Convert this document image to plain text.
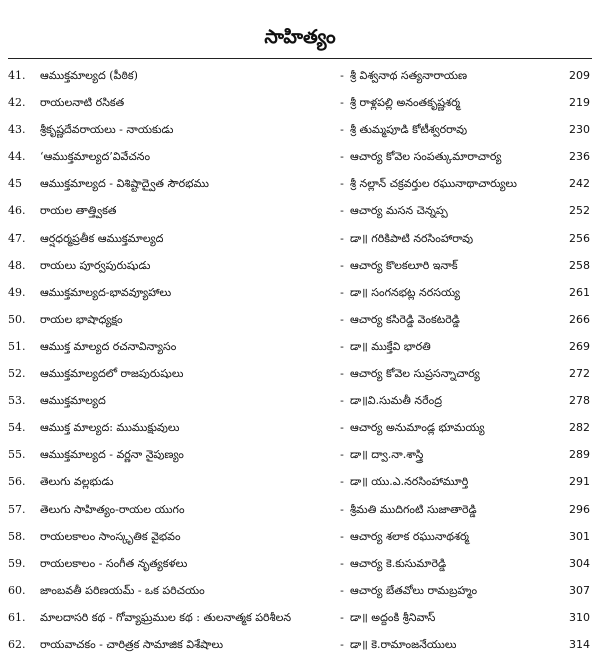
సాహిత్యం
41.	ఆముక్తమాల్యద (పీఠిక)	- శ్రీ విశ్వనాథ సత్యనారాయణ	209
42.	రాయలనాటి రసికత	- శ్రీ రాళ్లపల్లి అనంతకృష్ణశర్మ	219
43.	శ్రీకృష్ణదేవరాయలు - నాయకుడు	- శ్రీ తుమ్మపూడి కోటీశ్వరరావు	230
44.	‘ఆముక్తమాల్యద’వివేచనం	- ఆచార్య కోవెల సంపత్కుమారాచార్య	236
45	ఆముక్తమాల్యద - విశిష్టాద్వైత సౌరభము	- శ్రీ నల్లాన్ చక్రవర్తుల రఘునాథాచార్యులు	242
46.	రాయల తాత్త్వికత	- ఆచార్య మసన చెన్నప్ప	252
47.	ఆర్షధర్మప్రతీక ఆముక్తమాల్యద	- డా॥ గరికిపాటి నరసింహారావు	256
48.	రాయలు పూర్వపురుషుడు	- ఆచార్య కొలకలూరి ఇనాక్	258
49.	ఆముక్తమాల్యద-భావవ్యూహాలు	- డా॥ సంగనభట్ల నరసయ్య	261
50.	రాయల భాషాధ్యక్షం	- ఆచార్య కసిరెడ్డి వెంకటరెడ్డి	266
51.	ఆముక్త మాల్యద రచనావిన్యాసం	- డా॥ ముక్తేవి భారతి	269
52.	ఆముక్తమాల్యదలో రాజపురుషులు	- ఆచార్య కోవెల సుప్రసన్నాచార్య	272
53.	ఆముక్తమాల్యద	- డా॥వి.సుమతీ నరేంద్ర	278
54.	ఆముక్త మాల్యద: ముముక్షువులు	- ఆచార్య అనుమాండ్ల భూమయ్య	282
55.	ఆముక్తమాల్యద - వర్ణనా నైపుణ్యం	- డా॥ ద్వా.నా.శాస్త్రి	289
56.	తెలుగు వల్లభుడు	- డా॥ యు.ఎ.నరసింహామూర్తి	291
57.	తెలుగు సాహిత్యం-రాయల యుగం	- శ్రీమతి ముదిగంటి సుజాతారెడ్డి	296
58.	రాయలకాలం సాంస్కృతిక వైభవం	- ఆచార్య శలాక రఘునాథశర్మ	301
59.	రాయలకాలం - సంగీత నృత్యకళలు	- ఆచార్య కె.కుసుమారెడ్డి	304
60.	జాంబవతీ పరిణయమ్ - ఒక పరిచయం	- ఆచార్య బేతవోలు రామబ్రహ్మం	307
61.	మాలదాసరి కథ - గోవ్యాఘ్రముల కథ : తులనాత్మక పరిశీలన	- డా॥ అద్దంకి శ్రీనివాస్	310
62.	రాయవాచకం - చారిత్రక సామాజిక విశేషాలు	- డా॥ కె.రామాంజనేయులు	314
